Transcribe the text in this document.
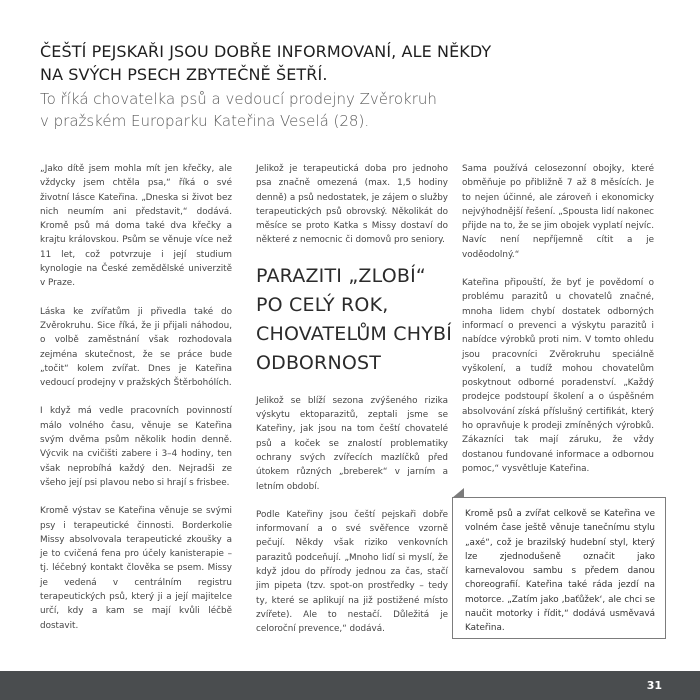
ČEŠTÍ PEJSKAŘI JSOU DOBŘE INFORMOVANÍ, ALE NĚKDY
NA SVÝCH PSECH ZBYTEČNĚ ŠETŘÍ.
To říká chovatelka psů a vedoucí prodejny Zvěrokruh
v pražském Europarku Kateřina Veselá (28).

„Jako dítě jsem mohla mít jen křečky, ale vždycky jsem chtěla psa,“ říká o své životní lásce Kateřina. „Dneska si život bez nich neumím ani představit,“ dodává. Kromě psů má doma také dva křečky a krajtu královskou. Psům se věnuje více než 11 let, což potvrzuje i její studium kynologie na České zemědělské univerzitě v Praze.

Láska ke zvířatům ji přivedla také do Zvěrokruhu. Sice říká, že ji přijali náhodou, o volbě zaměstnání však rozhodovala zejména skutečnost, že se práce bude „točit“ kolem zvířat. Dnes je Kateřina vedoucí prodejny v pražských Štěrbohólích.

I když má vedle pracovních povinností málo volného času, věnuje se Kateřina svým dvěma psům několik hodin denně. Výcvik na cvičišti zabere i 3–4 hodiny, ten však neprobíhá každý den. Nejradši ze všeho její psi plavou nebo si hrají s frisbee.

Kromě výstav se Kateřina věnuje se svými psy i terapeutické činnosti. Borderkolie Missy absolvovala terapeutické zkoušky a je to cvičená fena pro účely kanisterapie – tj. léčebný kontakt člověka se psem. Missy je vedená v centrálním registru terapeutických psů, který ji a její majitelce určí, kdy a kam se mají kvůli léčbě dostavit.

Jelikož je terapeutická doba pro jednoho psa značně omezená (max. 1,5 hodiny denně) a psů nedostatek, je zájem o služby terapeutických psů obrovský. Několikát do měsíce se proto Katka s Missy dostaví do některé z nemocnic či domovů pro seniory.

PARAZITI „ZLOBÍ“
PO CELÝ ROK,
CHOVATELŮM CHYBÍ
ODBORNOST

Jelikož se blíží sezona zvýšeného rizika výskytu ektoparazitů, zeptali jsme se Kateřiny, jak jsou na tom čeští chovatelé psů a koček se znalostí problematiky ochrany svých zvířecích mazlíčků před útokem různých „breberek“ v jarním a letním období.

Podle Kateřiny jsou čeští pejskaři dobře informovaní a o své svěřence vzorně pečují. Někdy však riziko venkovních parazitů podceňují. „Mnoho lidí si myslí, že když jdou do přírody jednou za čas, stačí jim pipeta (tzv. spot-on prostředky – tedy ty, které se aplikují na již postižené místo zvířete). Ale to nestačí. Důležitá je celoroční prevence,“ dodává.

Sama používá celosezonní obojky, které obměňuje po přibližně 7 až 8 měsících. Je to nejen účinné, ale zároveň i ekonomicky nejvýhodnější řešení. „Spousta lidí nakonec přijde na to, že se jim obojek vyplatí nejvíc. Navíc není nepříjemně cítit a je voděodolný.“

Kateřina připouští, že byť je povědomí o problému parazitů u chovatelů značné, mnoha lidem chybí dostatek odborných informací o prevenci a výskytu parazitů i nabídce výrobků proti nim. V tomto ohledu jsou pracovníci Zvěrokruhu speciálně vyškolení, a tudíž mohou chovatelům poskytnout odborné poradenství. „Každý prodejce podstoupí školení a o úspěšném absolvování získá příslušný certifikát, který ho opravňuje k prodeji zmíněných výrobků. Zákazníci tak mají záruku, že vždy dostanou fundované informace a odbornou pomoc,“ vysvětluje Kateřina.

Kromě psů a zvířat celkově se Kateřina ve volném čase ještě věnuje tanečnímu stylu „axé“, což je brazilský hudební styl, který lze zjednodušeně označit jako karnevalovou sambu s předem danou choreografií. Kateřina také ráda jezdí na motorce. „Zatím jako ‚baťůžek‘, ale chci se naučit motorky i řídit,“ dodává usměvavá Kateřina.
31
